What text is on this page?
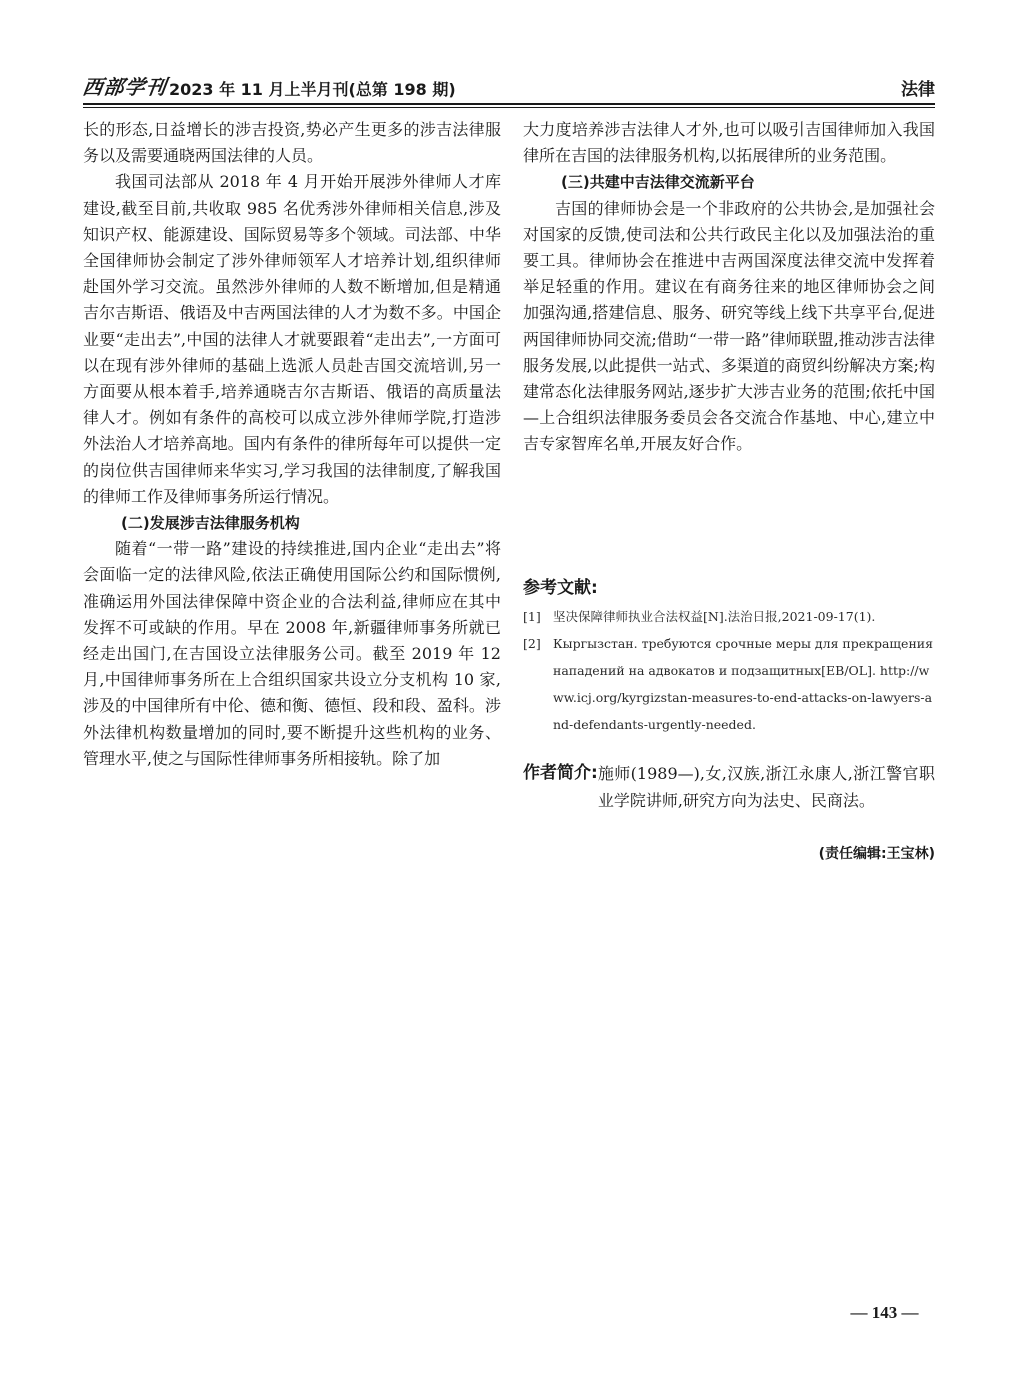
西部学刊 2023 年 11 月上半月刊(总第 198 期)	法律

长的形态,日益增长的涉吉投资,势必产生更多的涉吉法律服务以及需要通晓两国法律的人员。

我国司法部从 2018 年 4 月开始开展涉外律师人才库建设,截至目前,共收取 985 名优秀涉外律师相关信息,涉及知识产权、能源建设、国际贸易等多个领域。司法部、中华全国律师协会制定了涉外律师领军人才培养计划,组织律师赴国外学习交流。虽然涉外律师的人数不断增加,但是精通吉尔吉斯语、俄语及中吉两国法律的人才为数不多。中国企业要“走出去”,中国的法律人才就要跟着“走出去”,一方面可以在现有涉外律师的基础上选派人员赴吉国交流培训,另一方面要从根本着手,培养通晓吉尔吉斯语、俄语的高质量法律人才。例如有条件的高校可以成立涉外律师学院,打造涉外法治人才培养高地。国内有条件的律所每年可以提供一定的岗位供吉国律师来华实习,学习我国的法律制度,了解我国的律师工作及律师事务所运行情况。

(二)发展涉吉法律服务机构

随着“一带一路”建设的持续推进,国内企业“走出去”将会面临一定的法律风险,依法正确使用国际公约和国际惯例,准确运用外国法律保障中资企业的合法利益,律师应在其中发挥不可或缺的作用。早在 2008 年,新疆律师事务所就已经走出国门,在吉国设立法律服务公司。截至 2019 年 12 月,中国律师事务所在上合组织国家共设立分支机构 10 家,涉及的中国律所有中伦、德和衡、德恒、段和段、盈科。涉外法律机构数量增加的同时,要不断提升这些机构的业务、管理水平,使之与国际性律师事务所相接轨。除了加

大力度培养涉吉法律人才外,也可以吸引吉国律师加入我国律所在吉国的法律服务机构,以拓展律所的业务范围。

(三)共建中吉法律交流新平台

吉国的律师协会是一个非政府的公共协会,是加强社会对国家的反馈,使司法和公共行政民主化以及加强法治的重要工具。律师协会在推进中吉两国深度法律交流中发挥着举足轻重的作用。建议在有商务往来的地区律师协会之间加强沟通,搭建信息、服务、研究等线上线下共享平台,促进两国律师协同交流;借助“一带一路”律师联盟,推动涉吉法律服务发展,以此提供一站式、多渠道的商贸纠纷解决方案;构建常态化法律服务网站,逐步扩大涉吉业务的范围;依托中国—上合组织法律服务委员会各交流合作基地、中心,建立中吉专家智库名单,开展友好合作。

参考文献:
[1] 坚决保障律师执业合法权益[N].法治日报,2021-09-17(1).
[2] Кыргызстан. требуются срочные меры для прекращения нападений на адвокатов и подзащитных[EB/OL]. http://www.icj.org/kyrgizstan-measures-to-end-attacks-on-lawyers-and-defendants-urgently-needed.
作者简介: 施师(1989—),女,汉族,浙江永康人,浙江警官职业学院讲师,研究方向为法史、民商法。
(责任编辑:王宝林)
— 143 —
